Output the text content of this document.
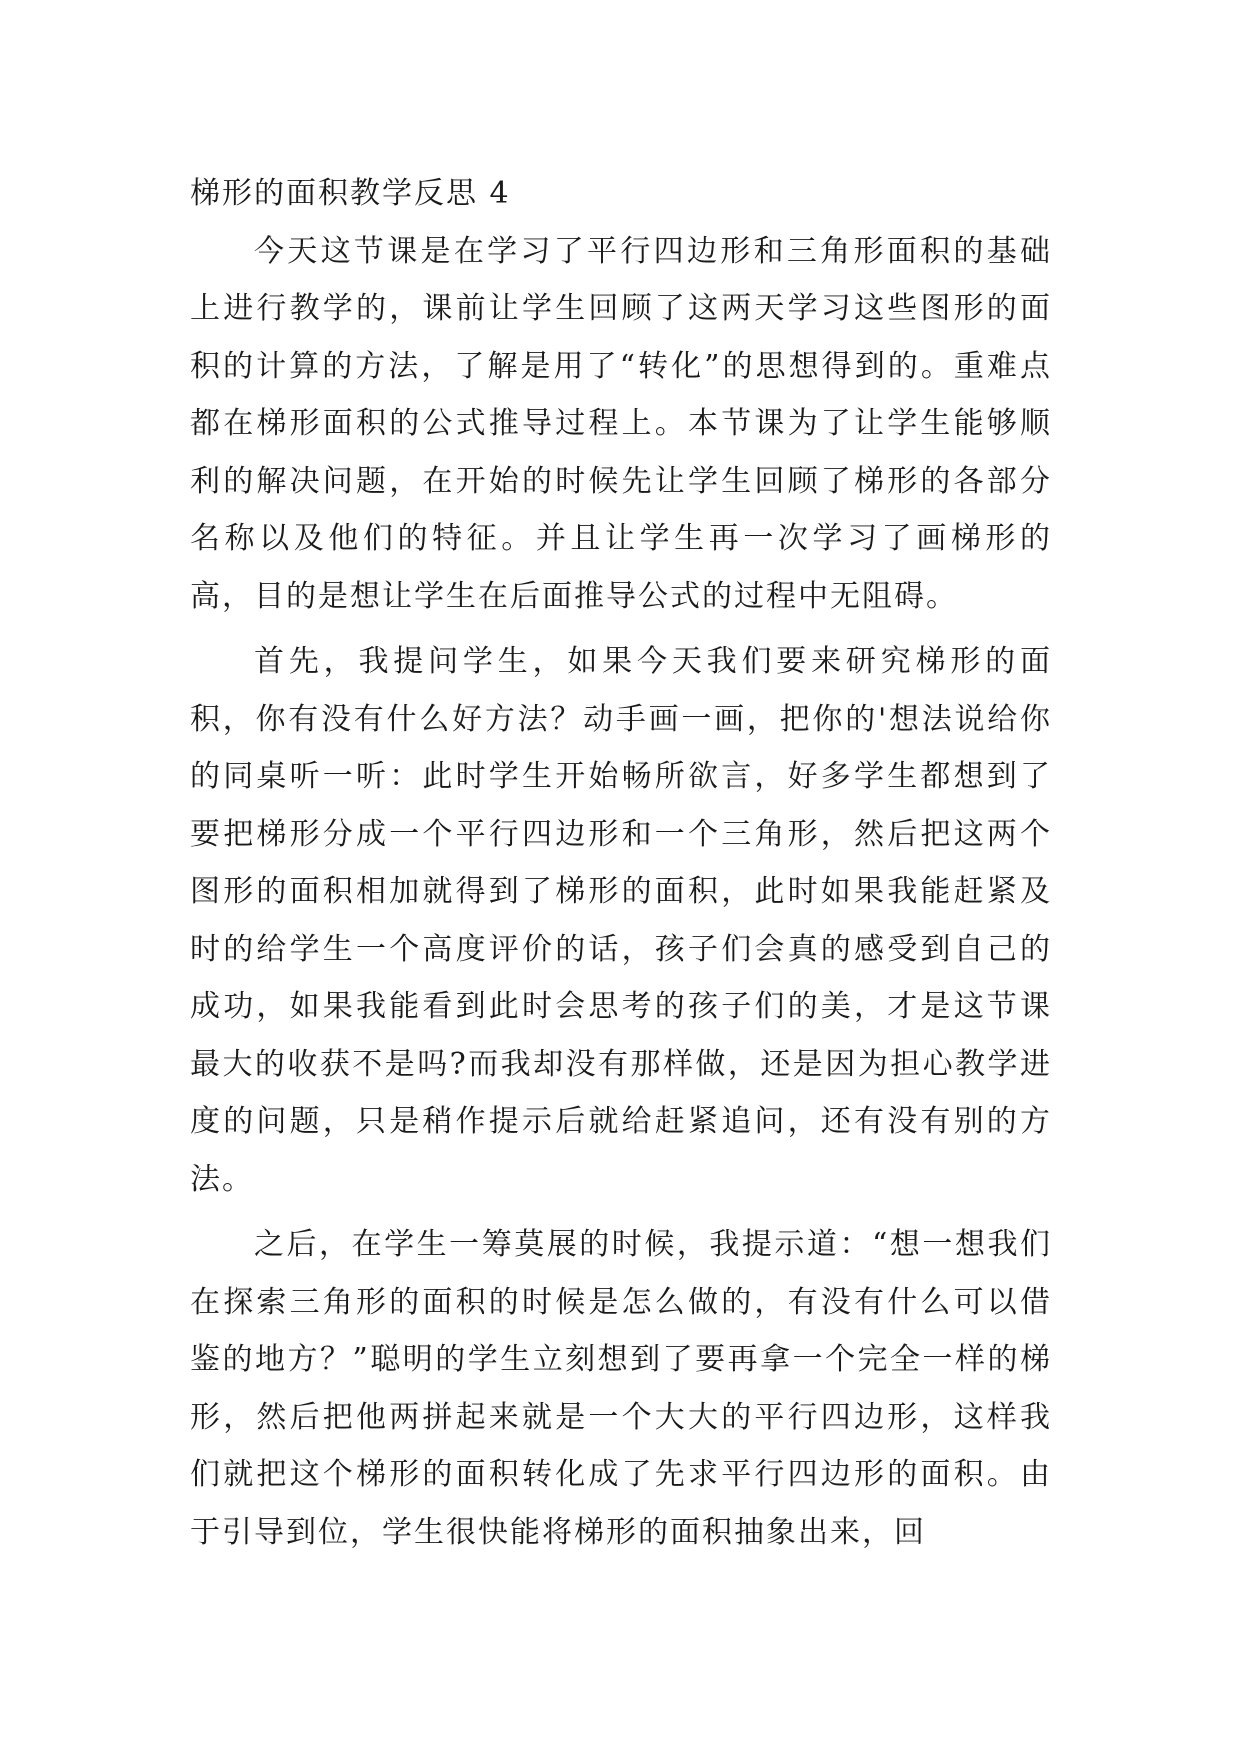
梯形的面积教学反思 4

今天这节课是在学习了平行四边形和三角形面积的基础上进行教学的，课前让学生回顾了这两天学习这些图形的面积的计算的方法，了解是用了“转化”的思想得到的。重难点都在梯形面积的公式推导过程上。本节课为了让学生能够顺利的解决问题，在开始的时候先让学生回顾了梯形的各部分名称以及他们的特征。并且让学生再一次学习了画梯形的高，目的是想让学生在后面推导公式的过程中无阻碍。

首先，我提问学生，如果今天我们要来研究梯形的面积，你有没有什么好方法？动手画一画，把你的'想法说给你的同桌听一听：此时学生开始畅所欲言，好多学生都想到了要把梯形分成一个平行四边形和一个三角形，然后把这两个图形的面积相加就得到了梯形的面积，此时如果我能赶紧及时的给学生一个高度评价的话，孩子们会真的感受到自己的成功，如果我能看到此时会思考的孩子们的美，才是这节课最大的收获不是吗?而我却没有那样做，还是因为担心教学进度的问题，只是稍作提示后就给赶紧追问，还有没有别的方法。

之后，在学生一筹莫展的时候，我提示道：“想一想我们在探索三角形的面积的时候是怎么做的，有没有什么可以借鉴的地方？”聪明的学生立刻想到了要再拿一个完全一样的梯形，然后把他两拼起来就是一个大大的平行四边形，这样我们就把这个梯形的面积转化成了先求平行四边形的面积。由于引导到位，学生很快能将梯形的面积抽象出来，回
